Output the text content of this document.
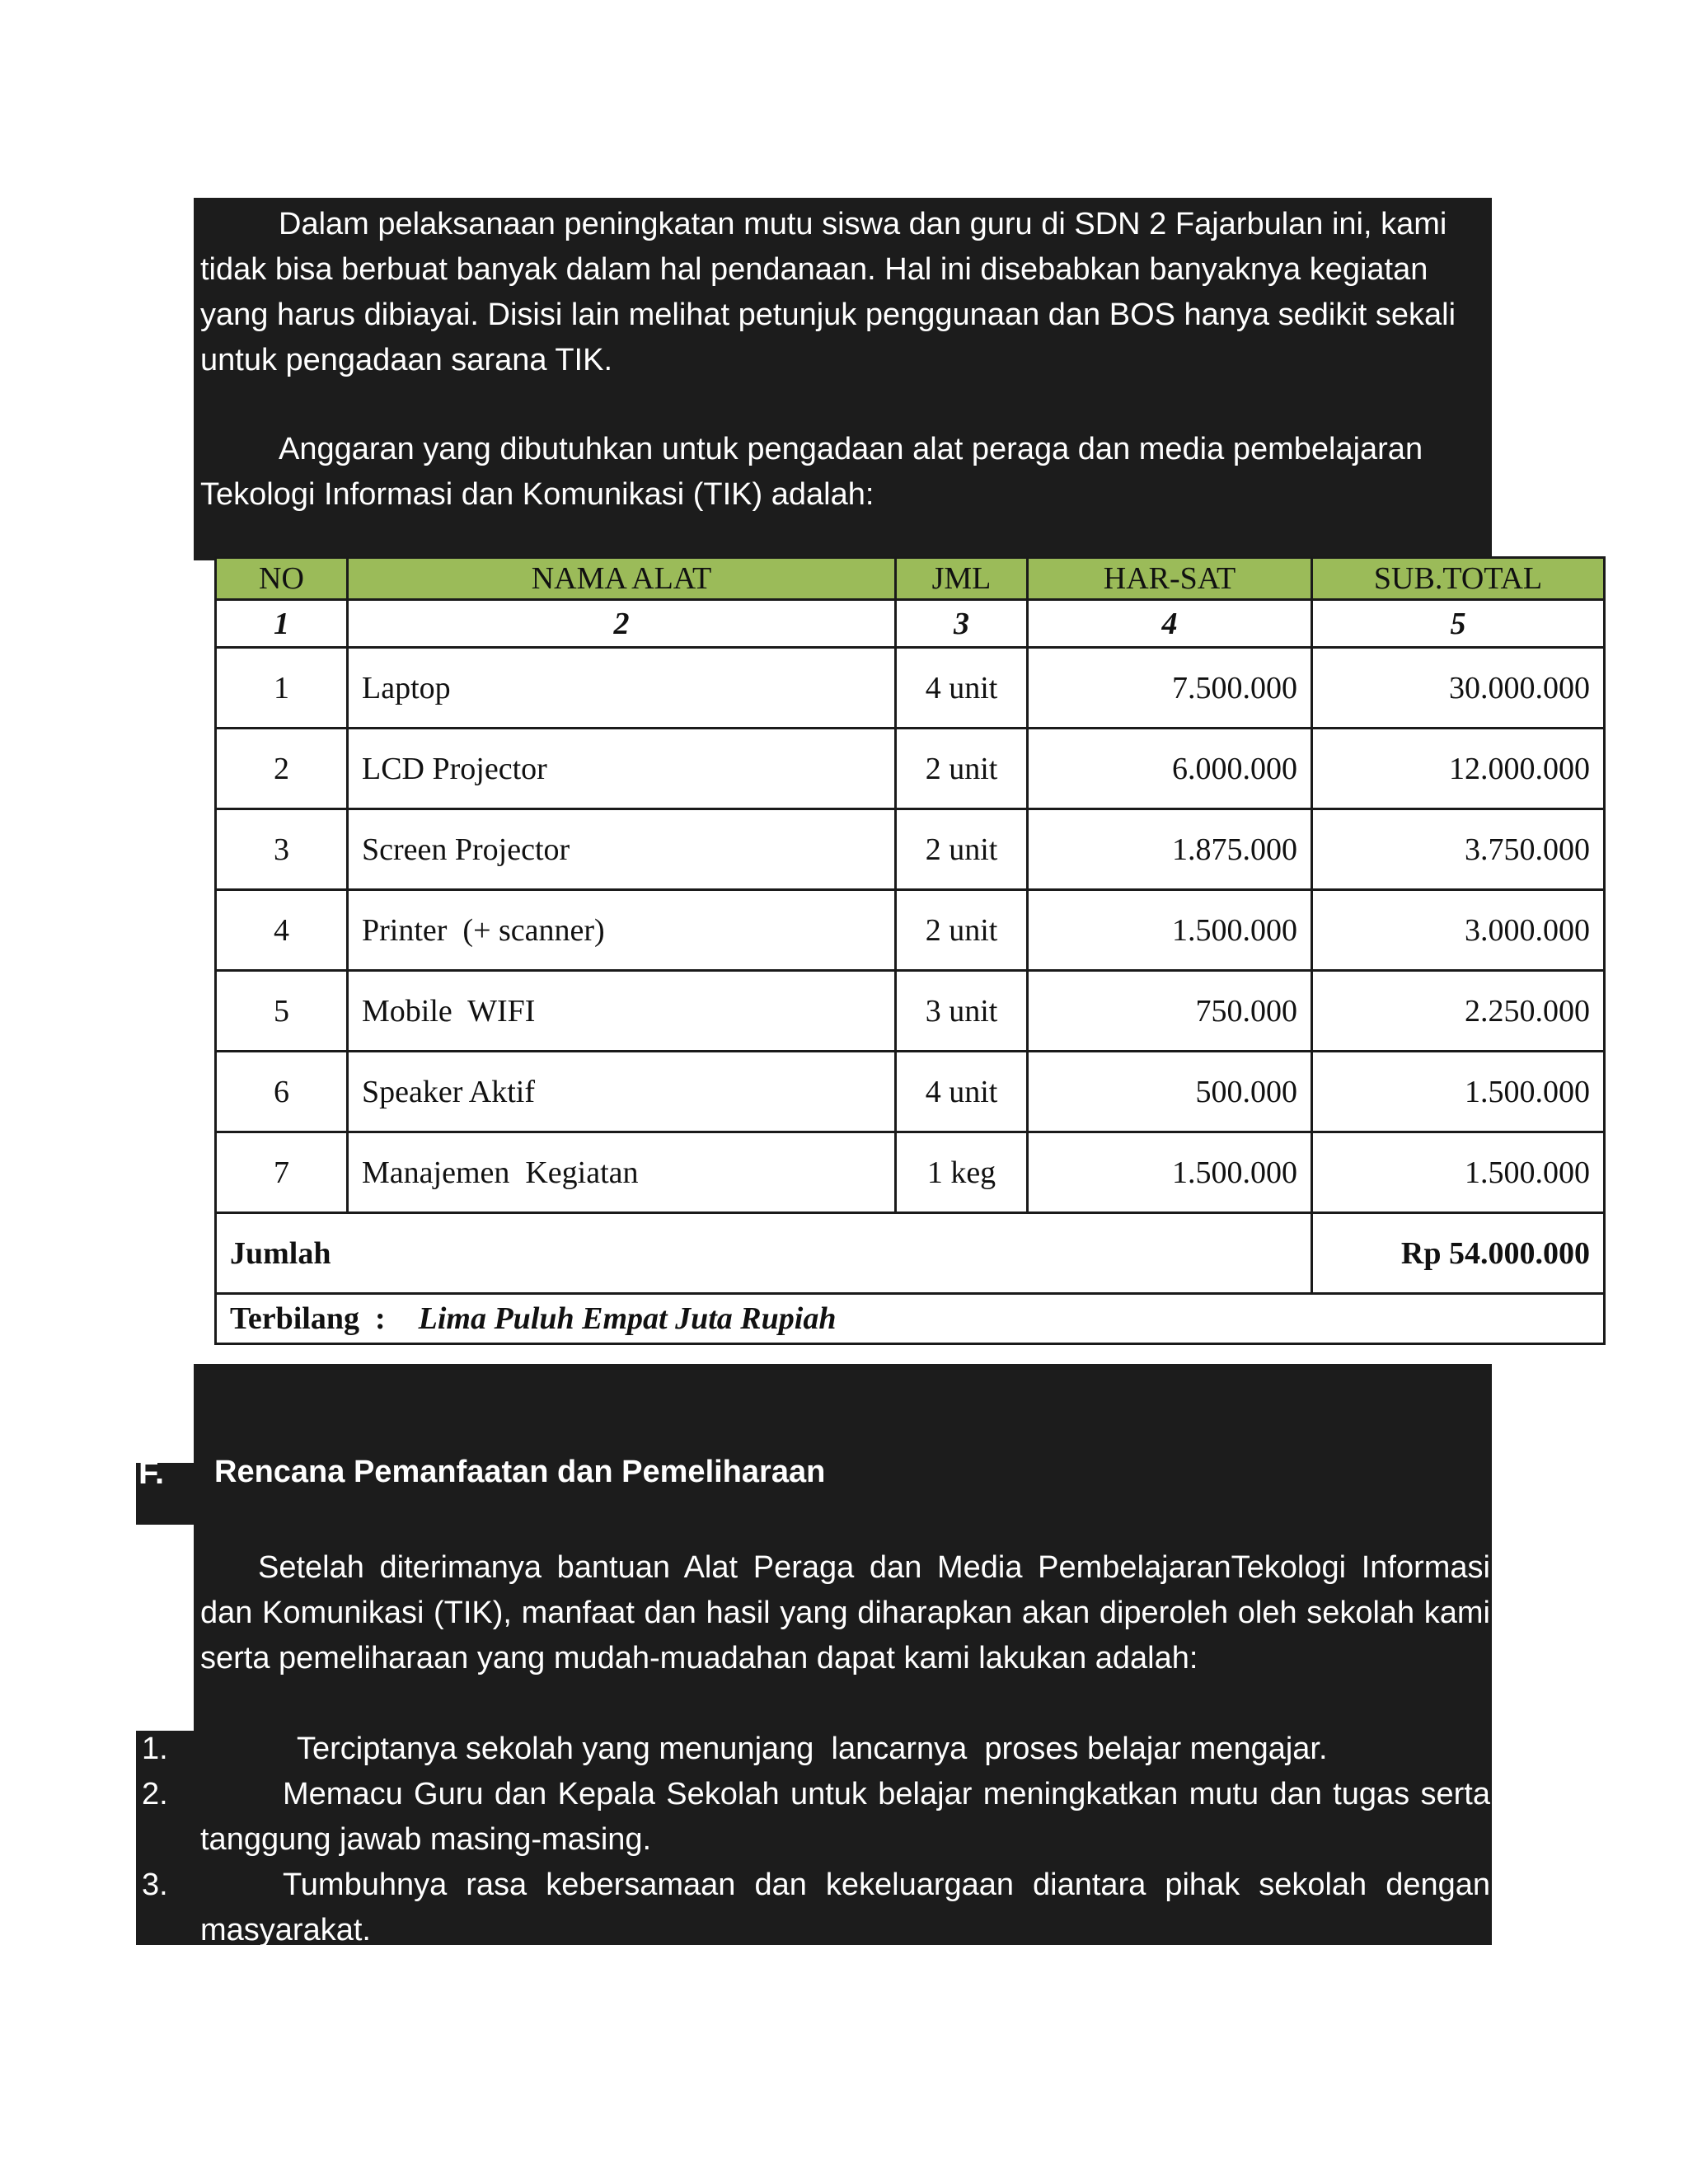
Dalam pelaksanaan peningkatan mutu siswa dan guru di SDN 2 Fajarbulan ini, kami tidak bisa berbuat banyak dalam hal pendanaan. Hal ini disebabkan banyaknya kegiatan yang harus dibiayai. Disisi lain melihat petunjuk penggunaan dan BOS hanya sedikit sekali untuk pengadaan sarana TIK.
Anggaran yang dibutuhkan untuk pengadaan alat peraga dan media pembelajaran Tekologi Informasi dan Komunikasi (TIK) adalah:
NO	NAMA ALAT	JML	HAR-SAT	SUB.TOTAL
1	2	3	4	5
1	Laptop	4 unit	7.500.000	30.000.000
2	LCD Projector	2 unit	6.000.000	12.000.000
3	Screen Projector	2 unit	1.875.000	3.750.000
4	Printer  (+ scanner)	2 unit	1.500.000	3.000.000
5	Mobile  WIFI	3 unit	750.000	2.250.000
6	Speaker Aktif	4 unit	500.000	1.500.000
7	Manajemen  Kegiatan	1 keg	1.500.000	1.500.000
Jumlah				Rp 54.000.000
Terbilang  : Lima Puluh Empat Juta Rupiah				
F. Rencana Pemanfaatan dan Pemeliharaan
Setelah diterimanya bantuan Alat Peraga dan Media PembelajaranTekologi Informasi dan Komunikasi (TIK), manfaat dan hasil yang diharapkan akan diperoleh oleh sekolah kami serta pemeliharaan yang mudah-muadahan dapat kami lakukan adalah:
1.	Terciptanya sekolah yang menunjang  lancarnya  proses belajar mengajar.
2.	Memacu Guru dan Kepala Sekolah untuk belajar meningkatkan mutu dan tugas serta tanggung jawab masing-masing.
3.	Tumbuhnya rasa kebersamaan dan kekeluargaan diantara pihak sekolah dengan masyarakat.
